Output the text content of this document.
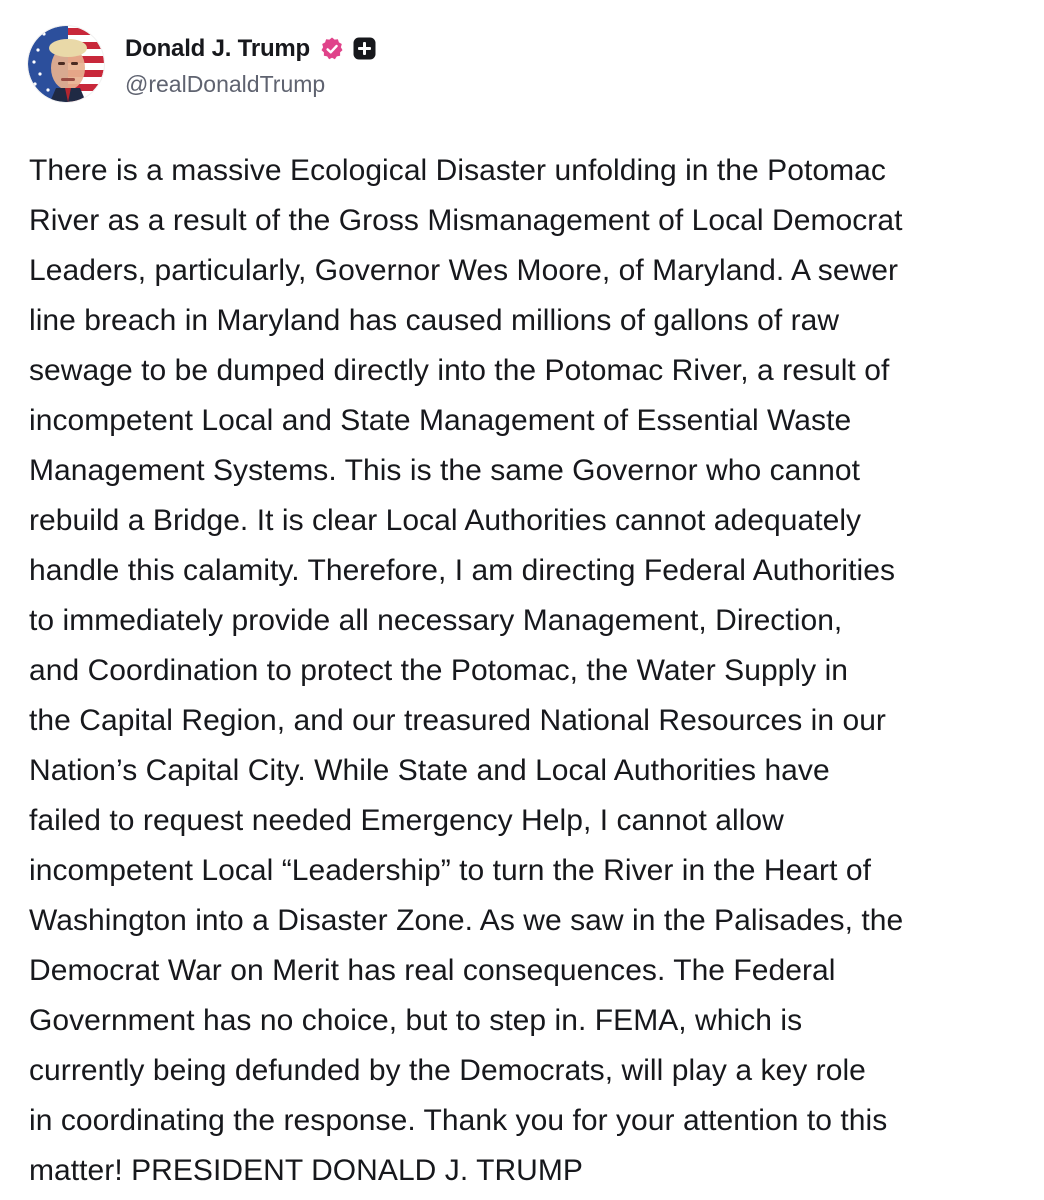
Donald J. Trump
@realDonaldTrump

There is a massive Ecological Disaster unfolding in the Potomac
River as a result of the Gross Mismanagement of Local Democrat
Leaders, particularly, Governor Wes Moore, of Maryland. A sewer
line breach in Maryland has caused millions of gallons of raw
sewage to be dumped directly into the Potomac River, a result of
incompetent Local and State Management of Essential Waste
Management Systems. This is the same Governor who cannot
rebuild a Bridge. It is clear Local Authorities cannot adequately
handle this calamity. Therefore, I am directing Federal Authorities
to immediately provide all necessary Management, Direction,
and Coordination to protect the Potomac, the Water Supply in
the Capital Region, and our treasured National Resources in our
Nation’s Capital City. While State and Local Authorities have
failed to request needed Emergency Help, I cannot allow
incompetent Local “Leadership” to turn the River in the Heart of
Washington into a Disaster Zone. As we saw in the Palisades, the
Democrat War on Merit has real consequences. The Federal
Government has no choice, but to step in. FEMA, which is
currently being defunded by the Democrats, will play a key role
in coordinating the response. Thank you for your attention to this
matter! PRESIDENT DONALD J. TRUMP
